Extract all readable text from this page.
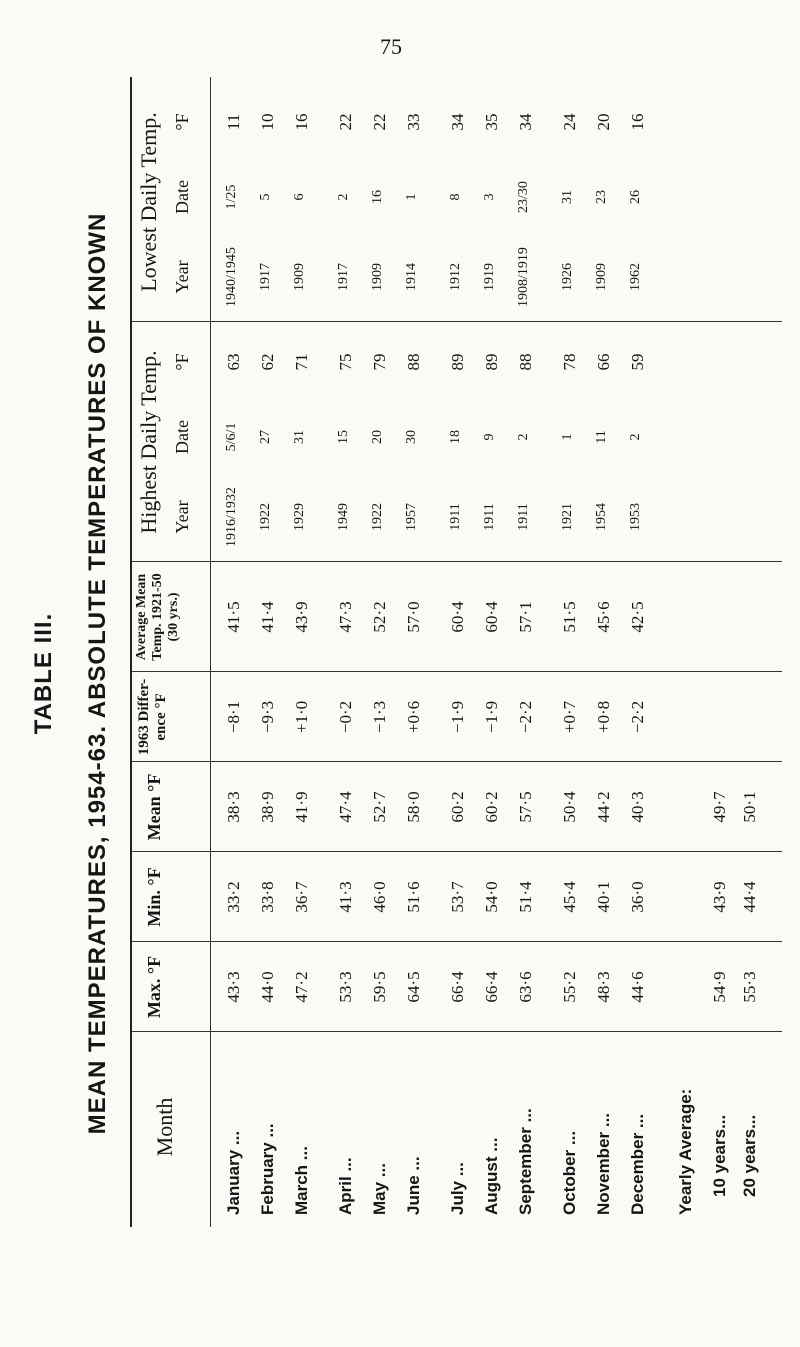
75
TABLE III. MEAN TEMPERATURES, 1954-63. ABSOLUTE TEMPERATURES OF KNOWN Month
Max. °F
Min. °F
Mean °F
1963 Differ-ence °F
Average Mean Temp. 1921-50 (30 yrs.)
Highest Daily Temp.
Lowest Daily Temp.
Year
Date
°F
Year
Date
°F
January ...
43·3
33·2
38·3
−8·1
41·5
1916/1932
5/6/1
63
1940/1945
1/25
11
February ...
44·0
33·8
38·9
−9·3
41·4
1922
27
62
1917
5
10
March ...
47·2
36·7
41·9
+1·0
43·9
1929
31
71
1909
6
16
April ...
53·3
41·3
47·4
−0·2
47·3
1949
15
75
1917
2
22
May ...
59·5
46·0
52·7
−1·3
52·2
1922
20
79
1909
16
22
June ...
64·5
51·6
58·0
+0·6
57·0
1957
30
88
1914
1
33
July ...
66·4
53·7
60·2
−1·9
60·4
1911
18
89
1912
8
34
August ...
66·4
54·0
60·2
−1·9
60·4
1911
9
89
1919
3
35
September ...
63·6
51·4
57·5
−2·2
57·1
1911
2
88
1908/1919
23/30
34
October ...
55·2
45·4
50·4
+0·7
51·5
1921
1
78
1926
31
24
November ...
48·3
40·1
44·2
+0·8
45·6
1954
11
66
1909
23
20
December ...
44·6
36·0
40·3
−2·2
42·5
1953
2
59
1962
26
16
Yearly Average: 10 years...
54·9
43·9
49·7
20 years...
55·3
44·4
50·1
